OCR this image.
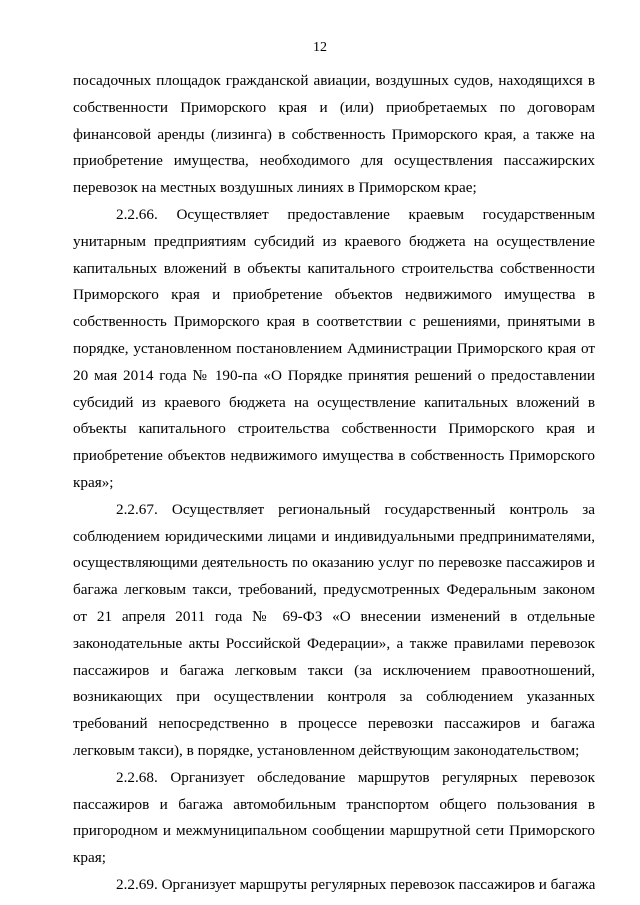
12
посадочных площадок гражданской авиации, воздушных судов, находящихся в
собственности Приморского края и (или) приобретаемых по договорам
финансовой аренды (лизинга) в собственность Приморского края, а также на
приобретение имущества, необходимого для осуществления пассажирских
перевозок на местных воздушных линиях в Приморском крае;
2.2.66. Осуществляет предоставление краевым государственным
унитарным предприятиям субсидий из краевого бюджета на осуществление
капитальных вложений в объекты капитального строительства собственности
Приморского края и приобретение объектов недвижимого имущества в
собственность Приморского края в соответствии с решениями, принятыми в
порядке, установленном постановлением Администрации Приморского края от
20 мая 2014 года № 190-па «О Порядке принятия решений о предоставлении
субсидий из краевого бюджета на осуществление капитальных вложений в
объекты капитального строительства собственности Приморского края и
приобретение объектов недвижимого имущества в собственность Приморского
края»;
2.2.67. Осуществляет региональный государственный контроль за
соблюдением юридическими лицами и индивидуальными предпринимателями,
осуществляющими деятельность по оказанию услуг по перевозке пассажиров и
багажа легковым такси, требований, предусмотренных Федеральным законом
от 21 апреля 2011 года № 69-ФЗ «О внесении изменений в отдельные
законодательные акты Российской Федерации», а также правилами перевозок
пассажиров и багажа легковым такси (за исключением правоотношений,
возникающих при осуществлении контроля за соблюдением указанных
требований непосредственно в процессе перевозки пассажиров и багажа
легковым такси), в порядке, установленном действующим законодательством;
2.2.68. Организует обследование маршрутов регулярных перевозок
пассажиров и багажа автомобильным транспортом общего пользования в
пригородном и межмуниципальном сообщении маршрутной сети Приморского
края;
2.2.69. Организует маршруты регулярных перевозок пассажиров и багажа
